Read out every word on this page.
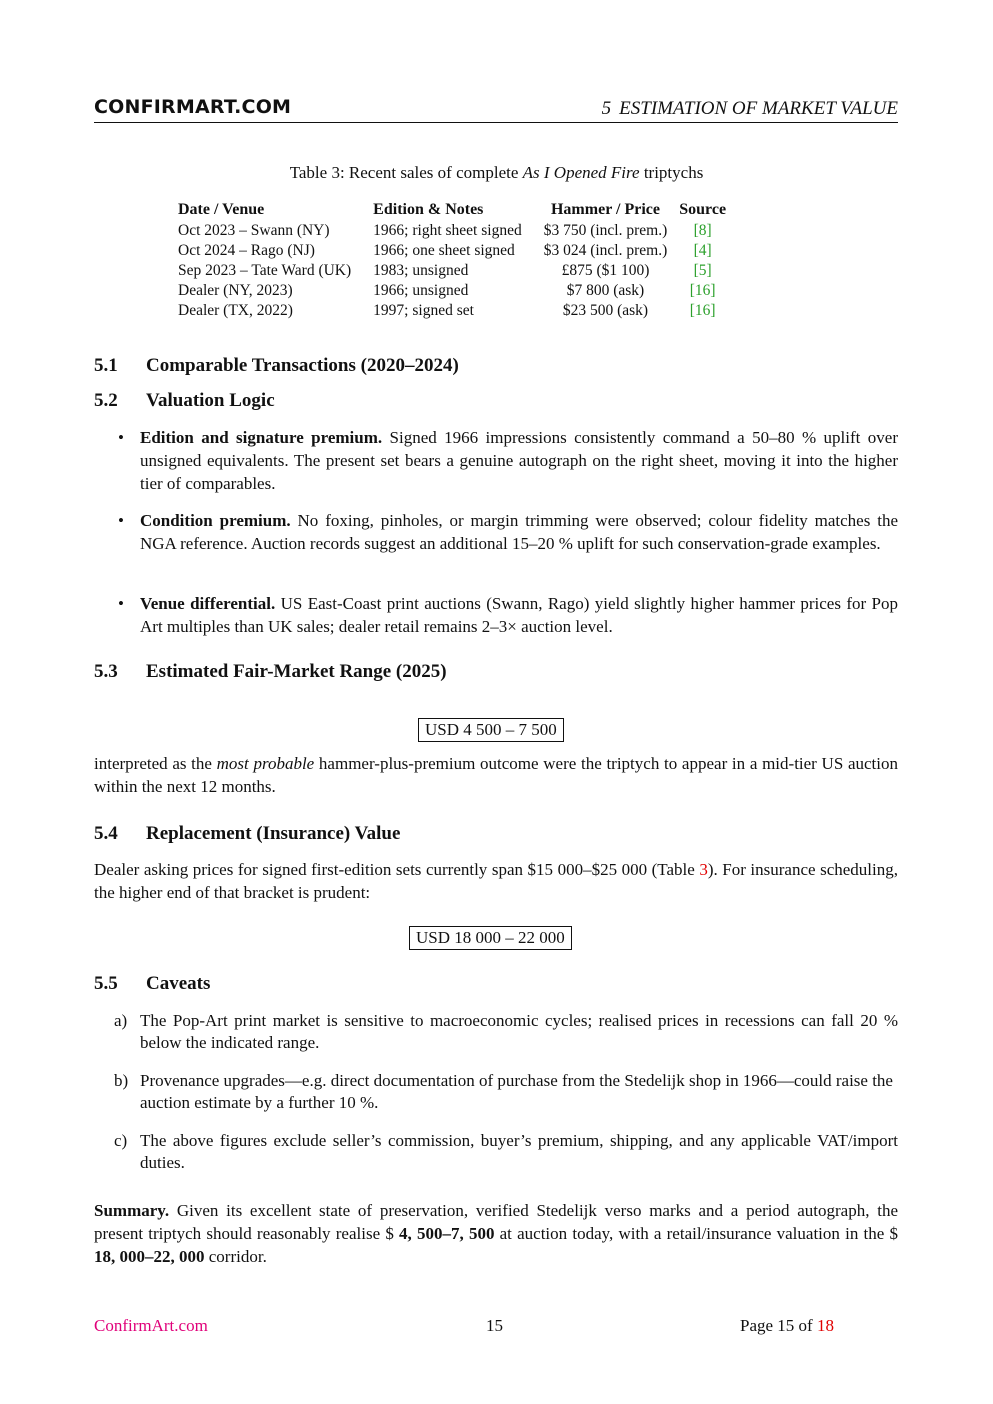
CONFIRMART.COM	5 ESTIMATION OF MARKET VALUE
Table 3: Recent sales of complete As I Opened Fire triptychs
Date / Venue	Edition & Notes	Hammer / Price	Source
Oct 2023 – Swann (NY)	1966; right sheet signed	$3 750 (incl. prem.)	[8]
Oct 2024 – Rago (NJ)	1966; one sheet signed	$3 024 (incl. prem.)	[4]
Sep 2023 – Tate Ward (UK)	1983; unsigned	£875 ($1 100)	[5]
Dealer (NY, 2023)	1966; unsigned	$7 800 (ask)	[16]
Dealer (TX, 2022)	1997; signed set	$23 500 (ask)	[16]
5.1 Comparable Transactions (2020–2024)
5.2 Valuation Logic
• Edition and signature premium. Signed 1966 impressions consistently command a 50–80 % uplift over unsigned equivalents. The present set bears a genuine autograph on the right sheet, moving it into the higher tier of comparables.
• Condition premium. No foxing, pinholes, or margin trimming were observed; colour fidelity matches the NGA reference. Auction records suggest an additional 15–20 % uplift for such conservation-grade examples.
• Venue differential. US East-Coast print auctions (Swann, Rago) yield slightly higher hammer prices for Pop Art multiples than UK sales; dealer retail remains 2–3× auction level.
5.3 Estimated Fair-Market Range (2025)
USD 4 500 – 7 500
interpreted as the most probable hammer-plus-premium outcome were the triptych to appear in a mid-tier US auction within the next 12 months.
5.4 Replacement (Insurance) Value
Dealer asking prices for signed first-edition sets currently span $15 000–$25 000 (Table 3). For insurance scheduling, the higher end of that bracket is prudent:
USD 18 000 – 22 000
5.5 Caveats
a) The Pop-Art print market is sensitive to macroeconomic cycles; realised prices in recessions can fall 20 % below the indicated range.
b) Provenance upgrades—e.g. direct documentation of purchase from the Stedelijk shop in 1966—could raise the auction estimate by a further 10 %.
c) The above figures exclude seller’s commission, buyer’s premium, shipping, and any applicable VAT/import duties.
Summary. Given its excellent state of preservation, verified Stedelijk verso marks and a period autograph, the present triptych should reasonably realise $ 4, 500–7, 500 at auction today, with a retail/insurance valuation in the $ 18, 000–22, 000 corridor.
ConfirmArt.com	15	Page 15 of 18
